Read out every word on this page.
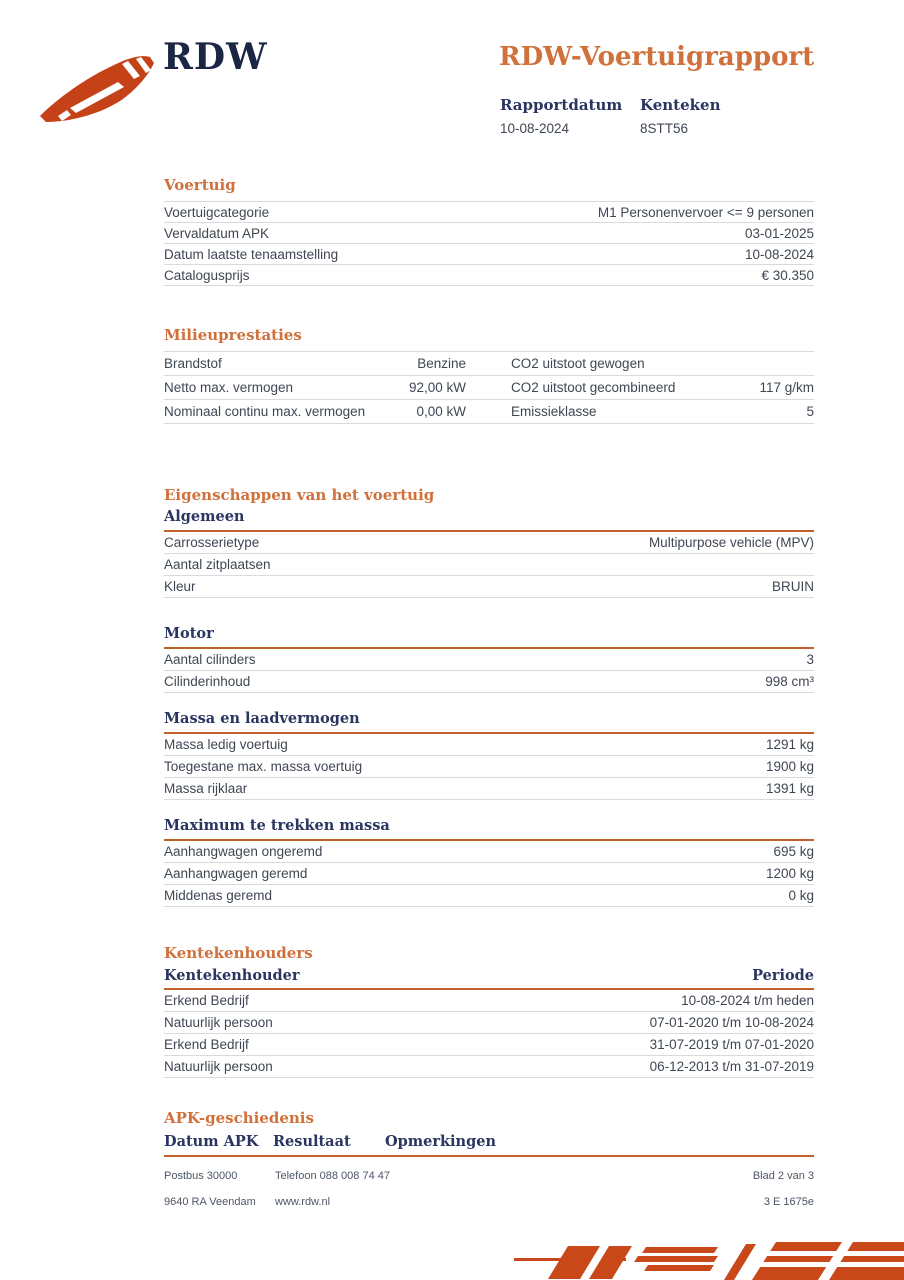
RDW	RDW-Voertuigrapport
Rapportdatum
10-08-2024
Kenteken
8STT56
Voertuig
Voertuigcategorie	M1 Personenvervoer <= 9 personen
Vervaldatum APK	03-01-2025
Datum laatste tenaamstelling	10-08-2024
Catalogusprijs	€ 30.350
Milieuprestaties
Brandstof	Benzine	CO2 uitstoot gewogen
Netto max. vermogen	92,00 kW	CO2 uitstoot gecombineerd	117 g/km
Nominaal continu max. vermogen	0,00 kW	Emissieklasse	5
Eigenschappen van het voertuig
Algemeen
Carrosserietype	Multipurpose vehicle (MPV)
Aantal zitplaatsen
Kleur	BRUIN
Motor
Aantal cilinders	3
Cilinderinhoud	998 cm³
Massa en laadvermogen
Massa ledig voertuig	1291 kg
Toegestane max. massa voertuig	1900 kg
Massa rijklaar	1391 kg
Maximum te trekken massa
Aanhangwagen ongeremd	695 kg
Aanhangwagen geremd	1200 kg
Middenas geremd	0 kg
Kentekenhouders
Kentekenhouder	Periode
Erkend Bedrijf	10-08-2024 t/m heden
Natuurlijk persoon	07-01-2020 t/m 10-08-2024
Erkend Bedrijf	31-07-2019 t/m 07-01-2020
Natuurlijk persoon	06-12-2013 t/m 31-07-2019
APK-geschiedenis
Datum APK	Resultaat	Opmerkingen
Postbus 30000	Telefoon 088 008 74 47	Blad 2 van 3
9640 RA Veendam	www.rdw.nl	3 E 1675e
